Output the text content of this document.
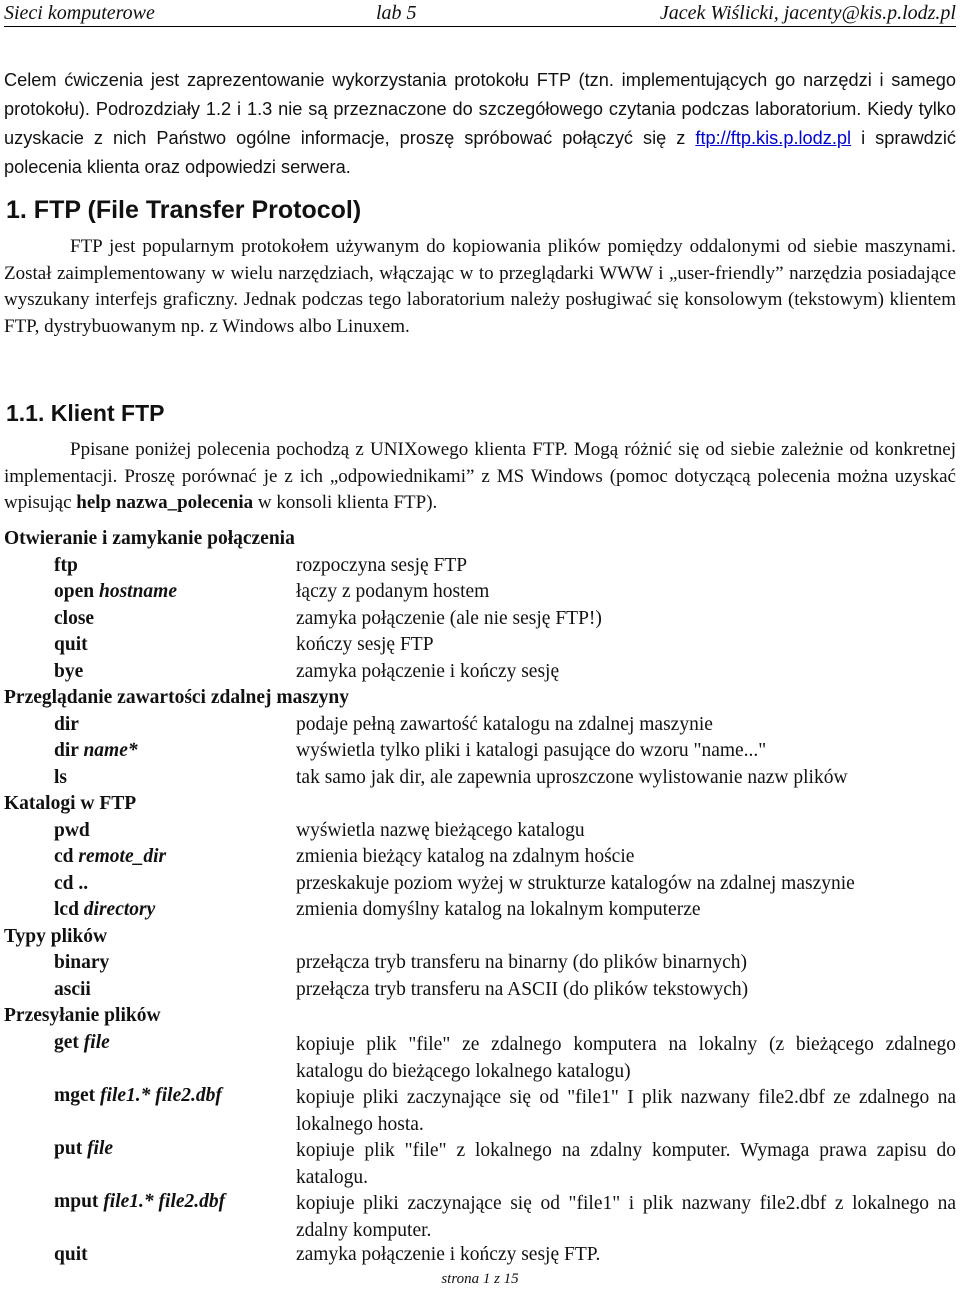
Sieci komputerowe	lab 5	Jacek Wiślicki, jacenty@kis.p.lodz.pl
Celem ćwiczenia jest zaprezentowanie wykorzystania protokołu FTP (tzn. implementujących go narzędzi i samego protokołu). Podrozdziały 1.2 i 1.3 nie są przeznaczone do szczegółowego czytania podczas laboratorium. Kiedy tylko uzyskacie z nich Państwo ogólne informacje, proszę spróbować połączyć się z ftp://ftp.kis.p.lodz.pl i sprawdzić polecenia klienta oraz odpowiedzi serwera.
1. FTP (File Transfer Protocol)
FTP jest popularnym protokołem używanym do kopiowania plików pomiędzy oddalonymi od siebie maszynami. Został zaimplementowany w wielu narzędziach, włączając w to przeglądarki WWW i „user-friendly” narzędzia posiadające wyszukany interfejs graficzny. Jednak podczas tego laboratorium należy posługiwać się konsolowym (tekstowym) klientem FTP, dystrybuowanym np. z Windows albo Linuxem.
1.1. Klient FTP
Ppisane poniżej polecenia pochodzą z UNIXowego klienta FTP. Mogą różnić się od siebie zależnie od konkretnej implementacji. Proszę porównać je z ich „odpowiednikami” z MS Windows (pomoc dotyczącą polecenia można uzyskać wpisując help nazwa_polecenia w konsoli klienta FTP).
Otwieranie i zamykanie połączenia
ftp	rozpoczyna sesję FTP
open hostname	łączy z podanym hostem
close	zamyka połączenie (ale nie sesję FTP!)
quit	kończy sesję FTP
bye	zamyka połączenie i kończy sesję
Przeglądanie zawartości zdalnej maszyny
dir	podaje pełną zawartość katalogu na zdalnej maszynie
dir name*	wyświetla tylko pliki i katalogi pasujące do wzoru "name..."
ls	tak samo jak dir, ale zapewnia uproszczone wylistowanie nazw plików
Katalogi w FTP
pwd	wyświetla nazwę bieżącego katalogu
cd remote_dir	zmienia bieżący katalog na zdalnym hoście
cd ..	przeskakuje poziom wyżej w strukturze katalogów na zdalnej maszynie
lcd directory	zmienia domyślny katalog na lokalnym komputerze
Typy plików
binary	przełącza tryb transferu na binarny (do plików binarnych)
ascii	przełącza tryb transferu na ASCII (do plików tekstowych)
Przesyłanie plików
get file	kopiuje plik "file" ze zdalnego komputera na lokalny (z bieżącego zdalnego katalogu do bieżącego lokalnego katalogu)
mget file1.* file2.dbf	kopiuje pliki zaczynające się od "file1" I plik nazwany file2.dbf ze zdalnego na lokalnego hosta.
put file	kopiuje plik "file" z lokalnego na zdalny komputer. Wymaga prawa zapisu do katalogu.
mput file1.* file2.dbf	kopiuje pliki zaczynające się od "file1" i plik nazwany file2.dbf z lokalnego na zdalny komputer.
quit	zamyka połączenie i kończy sesję FTP.
strona 1 z 15
